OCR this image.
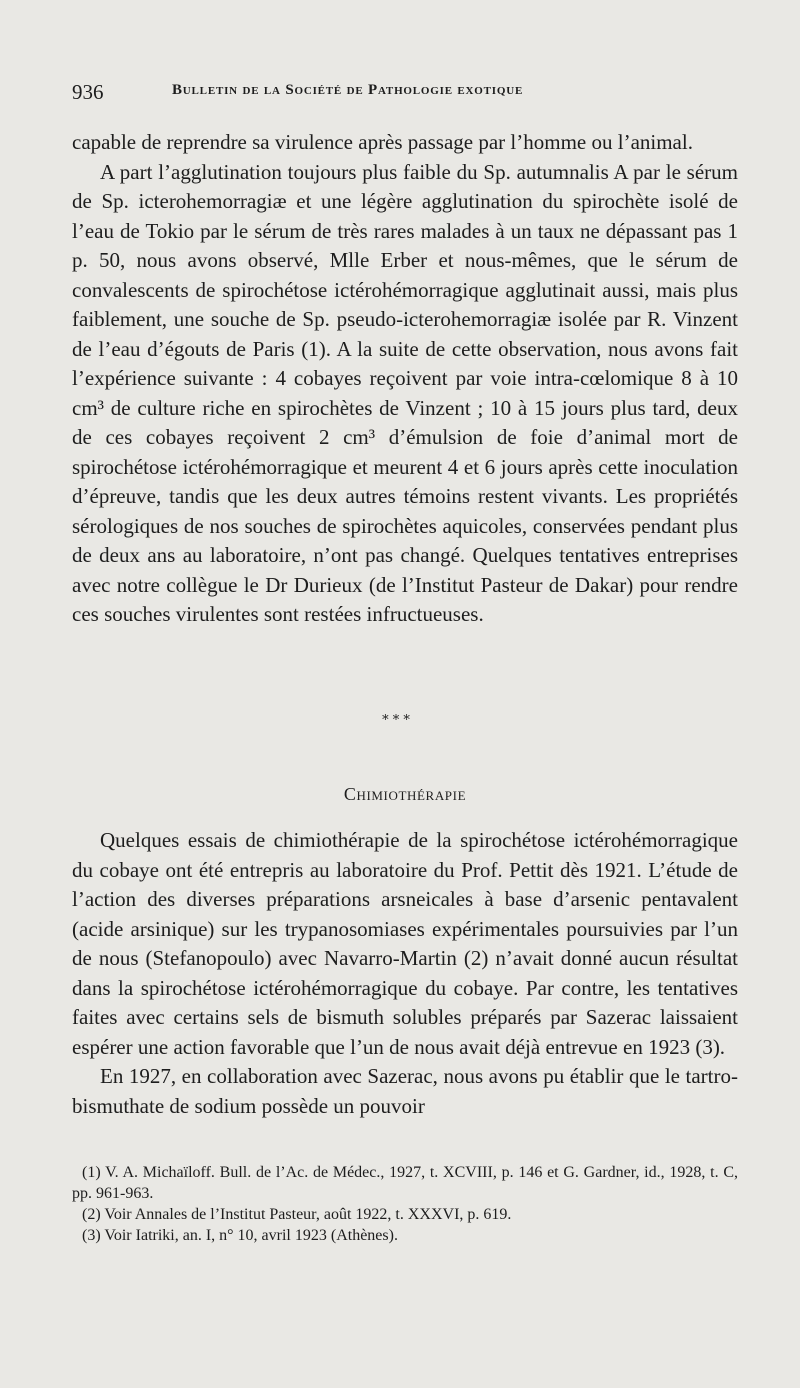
936	Bulletin de la Société de Pathologie exotique

capable de reprendre sa virulence après passage par l’homme ou l’animal.

A part l’agglutination toujours plus faible du Sp. autumnalis A par le sérum de Sp. icterohemorragiæ et une légère agglutination du spirochète isolé de l’eau de Tokio par le sérum de très rares malades à un taux ne dépassant pas 1 p. 50, nous avons observé, Mlle Erber et nous-mêmes, que le sérum de convalescents de spirochétose ictérohémorragique agglutinait aussi, mais plus faiblement, une souche de Sp. pseudo-icterohemorragiæ isolée par R. Vinzent de l’eau d’égouts de Paris (1). A la suite de cette observation, nous avons fait l’expérience suivante : 4 cobayes reçoivent par voie intra-cœlomique 8 à 10 cm³ de culture riche en spirochètes de Vinzent ; 10 à 15 jours plus tard, deux de ces cobayes reçoivent 2 cm³ d’émulsion de foie d’animal mort de spirochétose ictérohémorragique et meurent 4 et 6 jours après cette inoculation d’épreuve, tandis que les deux autres témoins restent vivants. Les propriétés sérologiques de nos souches de spirochètes aquicoles, conservées pendant plus de deux ans au laboratoire, n’ont pas changé. Quelques tentatives entreprises avec notre collègue le Dr Durieux (de l’Institut Pasteur de Dakar) pour rendre ces souches virulentes sont restées infructueuses.

* * *
Chimiothérapie

Quelques essais de chimiothérapie de la spirochétose ictérohémorragique du cobaye ont été entrepris au laboratoire du Prof. Pettit dès 1921. L’étude de l’action des diverses préparations arsneicales à base d’arsenic pentavalent (acide arsinique) sur les trypanosomiases expérimentales poursuivies par l’un de nous (Stefanopoulo) avec Navarro-Martin (2) n’avait donné aucun résultat dans la spirochétose ictérohémorragique du cobaye. Par contre, les tentatives faites avec certains sels de bismuth solubles préparés par Sazerac laissaient espérer une action favorable que l’un de nous avait déjà entrevue en 1923 (3).

En 1927, en collaboration avec Sazerac, nous avons pu établir que le tartro-bismuthate de sodium possède un pouvoir

(1) V. A. Michaïloff. Bull. de l’Ac. de Médec., 1927, t. XCVIII, p. 146 et G. Gardner, id., 1928, t. C, pp. 961-963.

(2) Voir Annales de l’Institut Pasteur, août 1922, t. XXXVI, p. 619.

(3) Voir Iatriki, an. I, n° 10, avril 1923 (Athènes).
